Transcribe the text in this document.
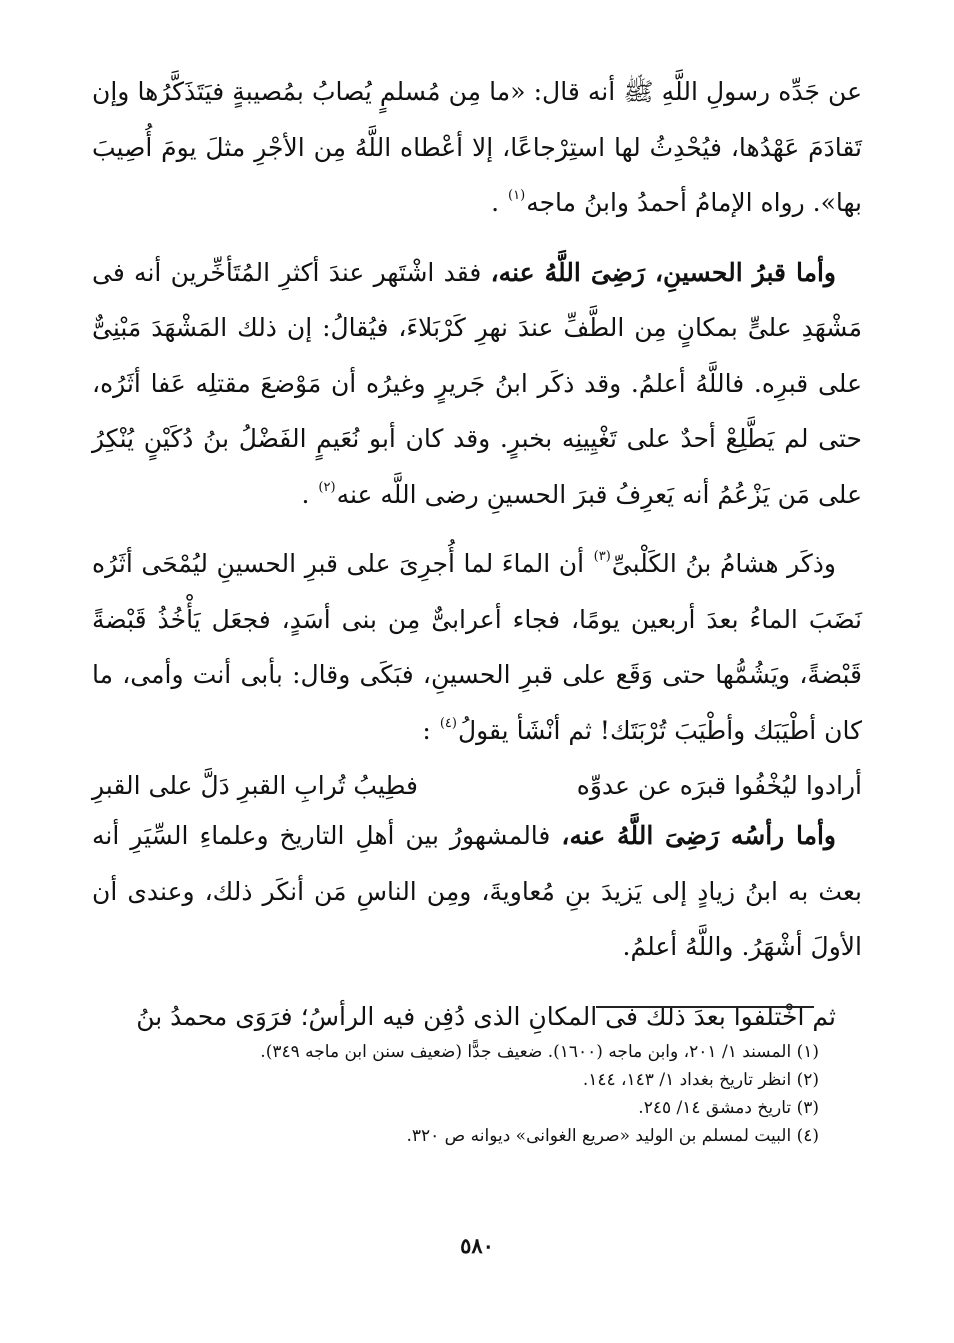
عن جَدِّه رسولِ اللَّهِ ﷺ أنه قال: «ما مِن مُسلمٍ يُصابُ بمُصيبةٍ فيَتَذَكَّرُها وإن تَقادَمَ عَهْدُها، فيُحْدِثُ لها استِرْجاعًا، إلا أعْطاه اللَّهُ مِن الأجْرِ مثلَ يومَ أُصِيبَ بها». رواه الإمامُ أحمدُ وابنُ ماجه$^{(١)}$ .

وأما قبرُ الحسينِ، رَضِىَ اللَّهُ عنه، فقد اشْتَهر عندَ أكثرِ المُتَأخِّرين أنه فى مَشْهَدِ علىٍّ بمكانٍ مِن الطَّفِّ عندَ نهرِ كَرْبَلاءَ، فيُقالُ: إن ذلك المَشْهَدَ مَبْنِىٌّ على قبرِه. فاللَّهُ أعلمُ. وقد ذكَر ابنُ جَريرٍ وغيرُه أن مَوْضعَ مقتلِه عَفا أثَرُه، حتى لم يَطَّلِعْ أحدٌ على تَغْيِينِه بخبرٍ. وقد كان أبو نُعَيمٍ الفَضْلُ بنُ دُكَيْنٍ يُنْكِرُ على مَن يَزْعُمُ أنه يَعرِفُ قبرَ الحسينِ رضى اللَّه عنه$^{(٢)}$ .

وذكَر هشامُ بنُ الكَلْبىِّ$^{(٣)}$ أن الماءَ لما أُجرِىَ على قبرِ الحسينِ ليُمْحَى أثَرُه نَضَبَ الماءُ بعدَ أربعين يومًا، فجاء أعرابىٌّ مِن بنى أسَدٍ، فجعَل يَأْخُذُ قَبْضةً قَبْضةً، ويَشُمُّها حتى وَقَع على قبرِ الحسينِ، فبَكَى وقال: بأبى أنت وأمى، ما كان أطْيَبَك وأطْيَبَ تُرْبَتَك! ثم أنْشَأ يقولُ$^{(٤)}$ :

أرادوا ليُخْفُوا قبرَه عن عدوِّه
فطِيبُ تُرابِ القبرِ دَلَّ على القبرِ

وأما رأسُه رَضِىَ اللَّهُ عنه، فالمشهورُ بين أهلِ التاريخ وعلماءِ السِّيَرِ أنه بعث به ابنُ زيادٍ إلى يَزيدَ بنِ مُعاويةَ، ومِن الناسِ مَن أنكَر ذلك، وعندى أن الأولَ أشْهَرُ. واللَّهُ أعلمُ.

ثم اخْتلفوا بعدَ ذلك فى المكانِ الذى دُفِن فيه الرأسُ؛ فرَوَى محمدُ بنُ

(١) المسند ١/ ٢٠١، وابن ماجه (١٦٠٠). ضعيف جدًّا (ضعيف سنن ابن ماجه ٣٤٩).

(٢) انظر تاريخ بغداد ١/ ١٤٣، ١٤٤.

(٣) تاريخ دمشق ١٤/ ٢٤٥.

(٤) البيت لمسلم بن الوليد «صريع الغوانى» ديوانه ص ٣٢٠.

٥٨٠
